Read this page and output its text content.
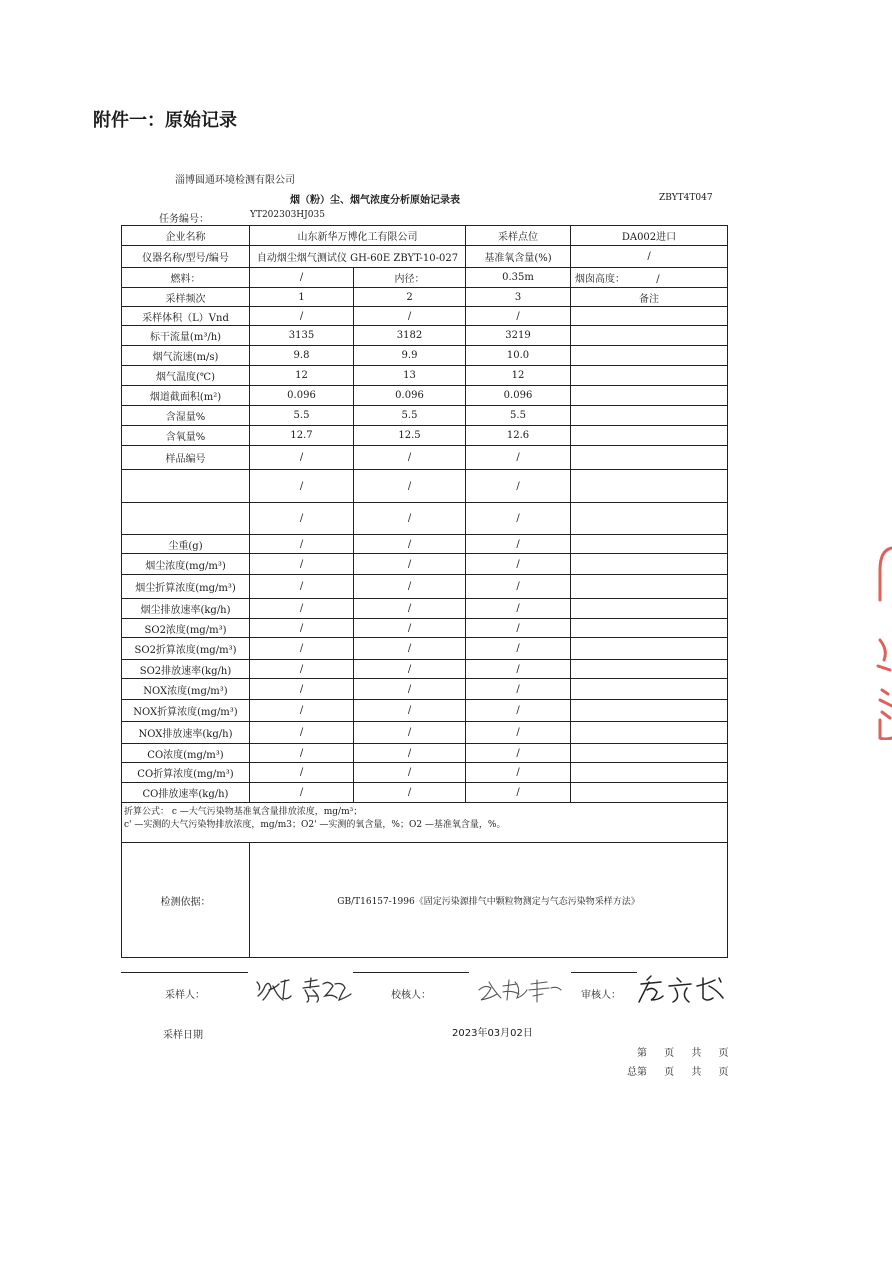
附件一：原始记录
淄博圆通环境检测有限公司
烟（粉）尘、烟气浓度分析原始记录表	ZBYT4T047
任务编号：	YT202303HJ035
企业名称	山东新华万博化工有限公司		采样点位	DA002进口
仪器名称/型号/编号	自动烟尘烟气测试仪 GH-60E ZBYT-10-027		基准氧含量(%)	/
燃料：	/	内径：	0.35m	烟囱高度： /
采样频次	1	2	3	备注
采样体积（L）Vnd	/	/	/	
标干流量(m³/h)	3135	3182	3219	
烟气流速(m/s)	9.8	9.9	10.0	
烟气温度(℃)	12	13	12	
烟道截面积(m²)	0.096	0.096	0.096	
含湿量%	5.5	5.5	5.5	
含氧量%	12.7	12.5	12.6	
样品编号	/	/	/	
	/	/	/	
	/	/	/	
尘重(g)	/	/	/	
烟尘浓度(mg/m³)	/	/	/	
烟尘折算浓度(mg/m³)	/	/	/	
烟尘排放速率(kg/h)	/	/	/	
SO2浓度(mg/m³)	/	/	/	
SO2折算浓度(mg/m³)	/	/	/	
SO2排放速率(kg/h)	/	/	/	
NOX浓度(mg/m³)	/	/	/	
NOX折算浓度(mg/m³)	/	/	/	
NOX排放速率(kg/h)	/	/	/	
CO浓度(mg/m³)	/	/	/	
CO折算浓度(mg/m³)	/	/	/	
CO排放速率(kg/h)	/	/	/	

折算公式： c —大气污染物基准氧含量排放浓度，mg/m³；
c' —实测的大气污染物排放浓度，mg/m3；O2' —实测的氧含量，%；O2 —基准氧含量，%。				

检测依据：	GB/T16157-1996《固定污染源排气中颗粒物测定与气态污染物采样方法》			
采样人：	校核人：	审核人：
采样日期	2023年03月02日
第 页 共 页
总第 页 共 页
